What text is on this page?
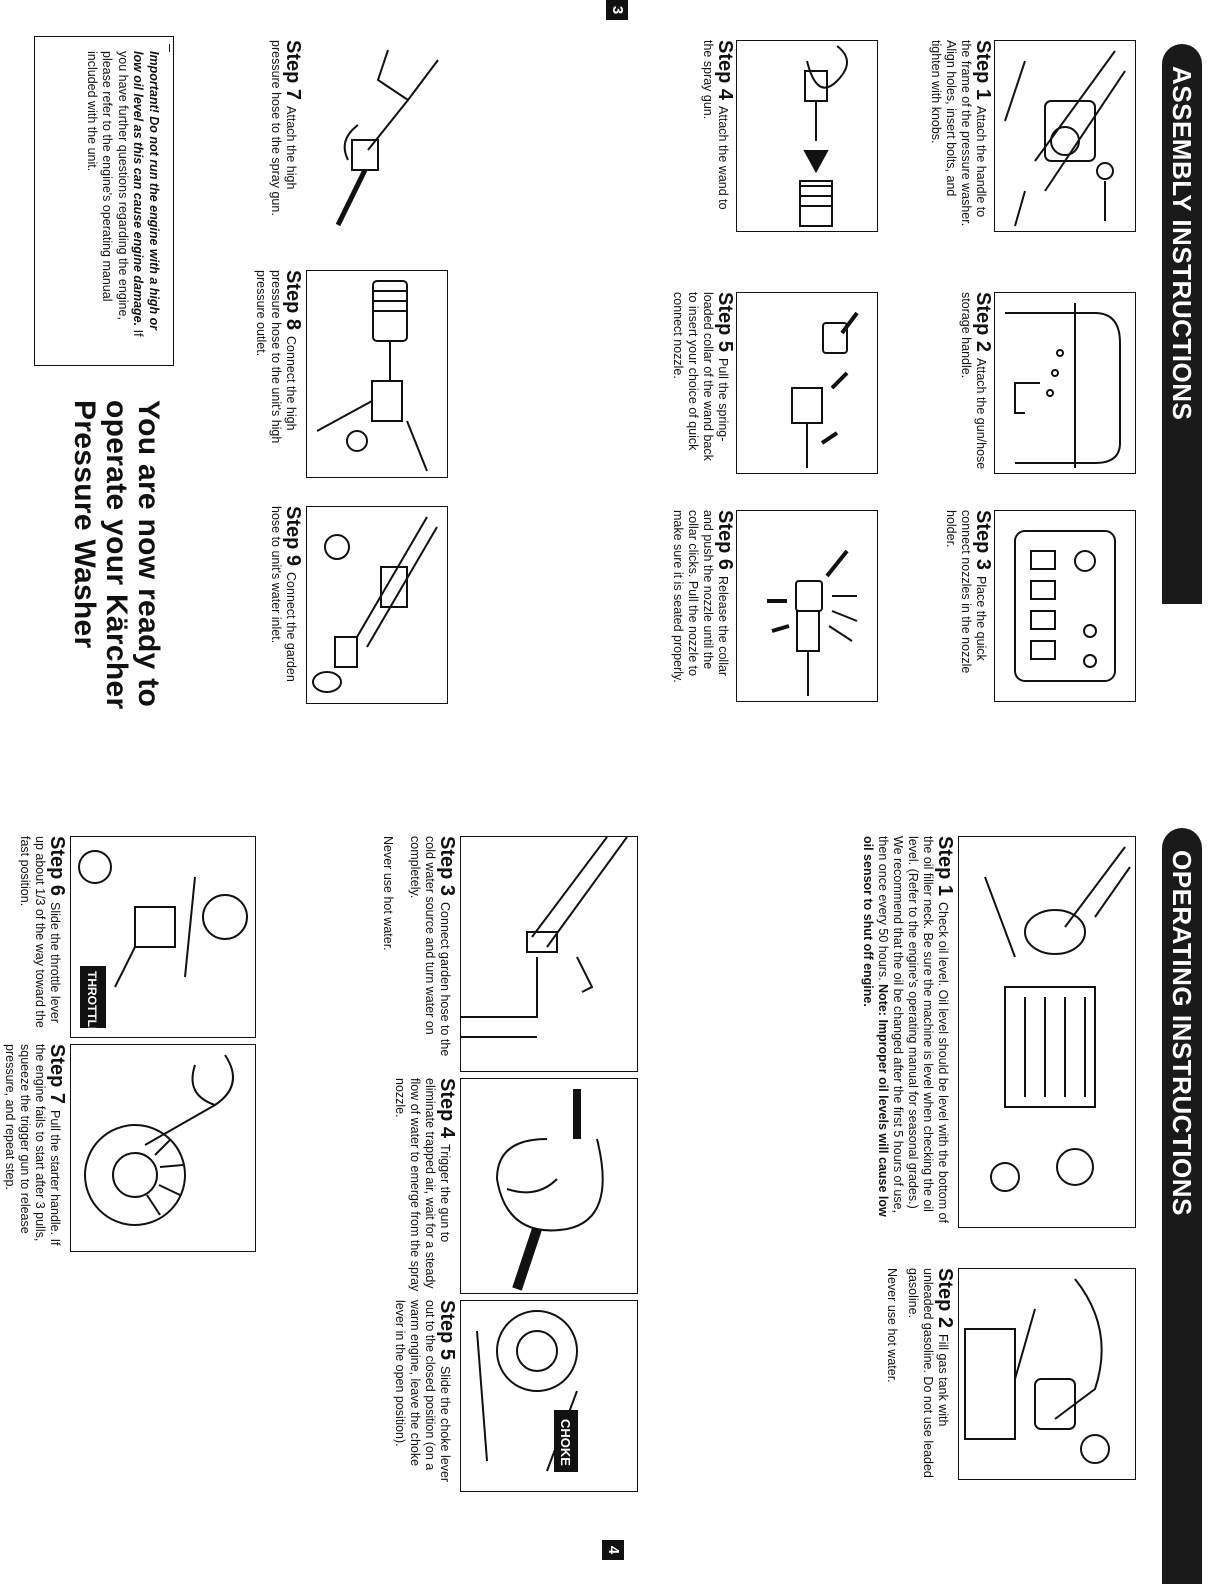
3
4
ASSEMBLY INSTRUCTIONS
Step 1Attach the handle to the frame of the pressure washer. Align holes, insert bolts, and tighten with knobs.
Step 2Attach the gun/hose storage handle.
Step 3Place the quick connect nozzles in the nozzle holder.
Step 4Attach the wand to the spray gun.
Step 5Pull the spring-loaded collar of the wand back to insert your choice of quick connect nozzle.
Step 6Release the collar and push the nozzle until the collar clicks. Pull the nozzle to make sure it is seated properly.
Step 7Attach the high pressure hose to the spray gun.
Step 8Connect the high pressure hose to the unit's high pressure outlet.
Step 9Connect the garden hose to unit's water inlet.
Important! Do not run the engine with a high or low oil level as this can cause engine damage. If you have further questions regarding the engine, please refer to the engine's operating manual included with the unit.
You are now ready to
operate your Kärcher
Pressure Washer
OPERATING INSTRUCTIONS
Step 1Check oil level. Oil level should be level with the bottom of the oil filler neck. Be sure the machine is level when checking the oil level. (Refer to the engine's operating manual for seasonal grades.) We recommend that the oil be changed after the first 5 hours of use, then once every 50 hours. Note: Improper oil levels will cause low oil sensor to shut off engine.
Step 2Fill gas tank with unleaded gasoline. Do not use leaded gasoline.
Never use hot water.
Step 3Connect garden hose to the cold water source and turn water on completely.
Never use hot water.
Step 4Trigger the gun to eliminate trapped air, wait for a steady flow of water to emerge from the spray nozzle.
CHOKE
Step 5Slide the choke lever out to the closed position (on a warm engine, leave the choke lever in the open position).
THROTTLE
Step 6Slide the throttle lever up about 1/3 of the way toward the fast position.
Step 7Pull the starter handle. If the engine fails to start after 3 pulls, squeeze the trigger gun to release pressure, and repeat step.
